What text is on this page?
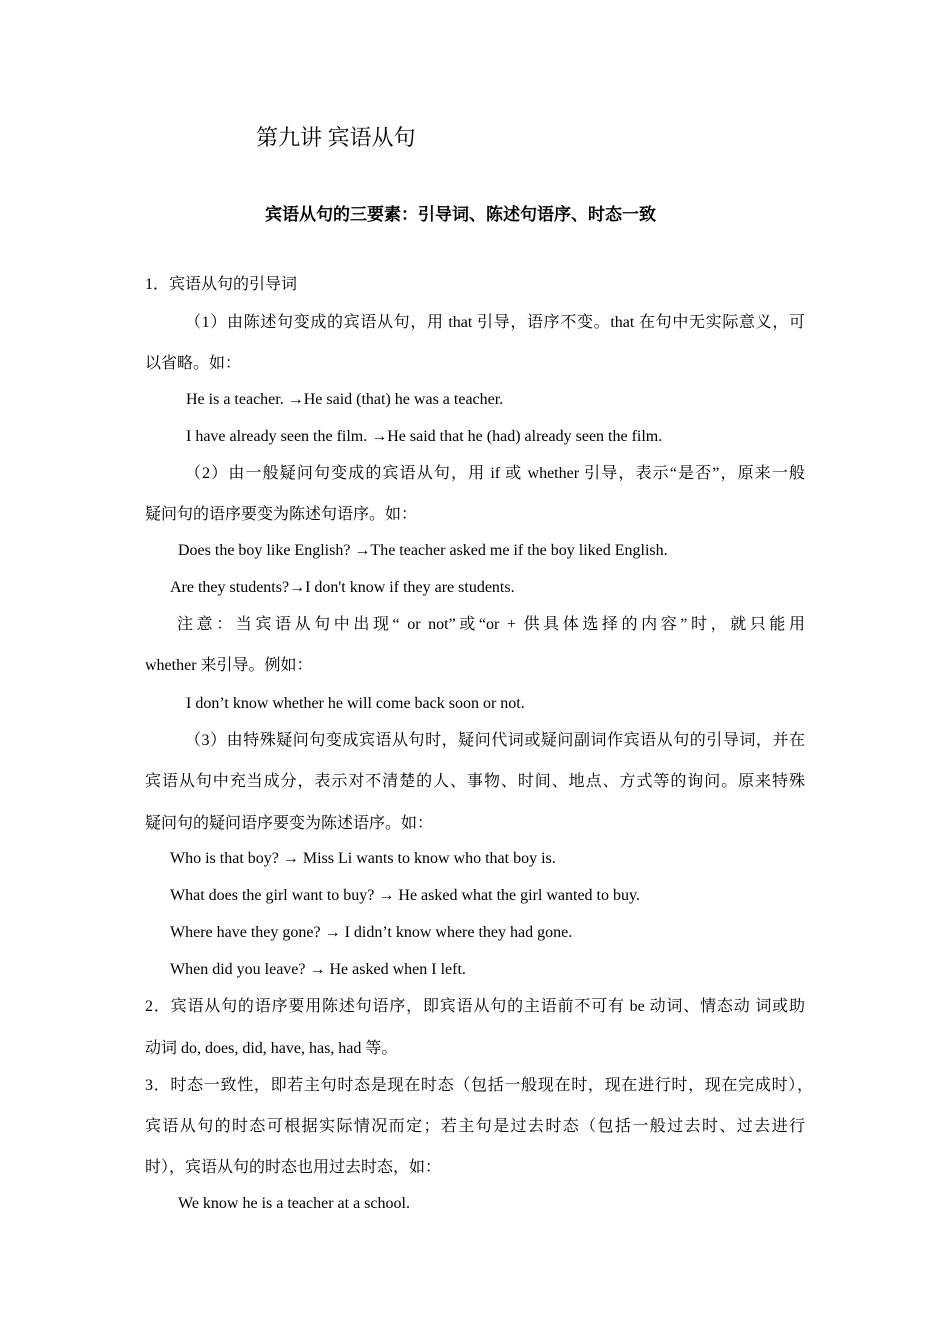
第九讲 宾语从句
宾语从句的三要素：引导词、陈述句语序、时态一致
1．宾语从句的引导词
（1）由陈述句变成的宾语从句，用 that 引导，语序不变。that 在句中无实际意义，可
以省略。如：
He is a teacher. →He said (that) he was a teacher.
I have already seen the film. →He said that he (had) already seen the film.
（2）由一般疑问句变成的宾语从句，用 if 或 whether 引导，表示“是否”，原来一般
疑问句的语序要变为陈述句语序。如：
Does the boy like English? →The teacher asked me if the boy liked English.
Are they students?→I don't know if they are students.
注意：当宾语从句中出现“ or not”或“or + 供具体选择的内容”时，就只能用
whether 来引导。例如：
I don’t know whether he will come back soon or not.
（3）由特殊疑问句变成宾语从句时，疑问代词或疑问副词作宾语从句的引导词，并在
宾语从句中充当成分，表示对不清楚的人、事物、时间、地点、方式等的询问。原来特殊
疑问句的疑问语序要变为陈述语序。如：
Who is that boy? → Miss Li wants to know who that boy is.
What does the girl want to buy? → He asked what the girl wanted to buy.
Where have they gone? → I didn’t know where they had gone.
When did you leave? → He asked when I left.
2．宾语从句的语序要用陈述句语序，即宾语从句的主语前不可有 be 动词、情态动 词或助
动词 do, does, did, have, has, had 等。
3．时态一致性，即若主句时态是现在时态（包括一般现在时，现在进行时，现在完成时），
宾语从句的时态可根据实际情况而定；若主句是过去时态（包括一般过去时、过去进行
时），宾语从句的时态也用过去时态，如：
We know he is a teacher at a school.
